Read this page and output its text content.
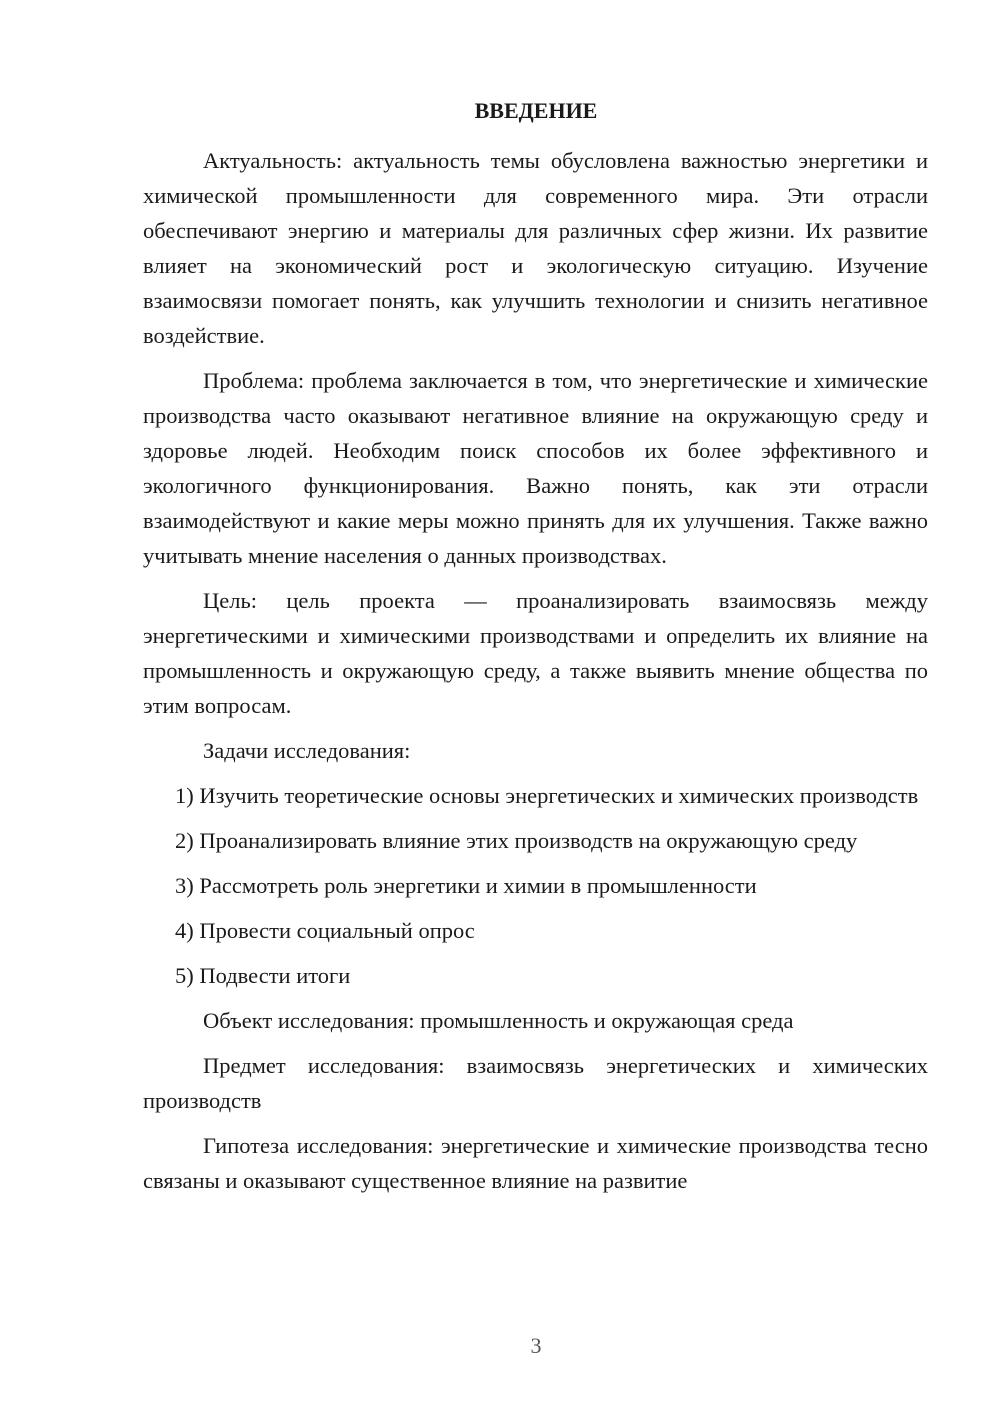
ВВЕДЕНИЕ

Актуальность: актуальность темы обусловлена важностью энергетики и химической промышленности для современного мира. Эти отрасли обеспечивают энергию и материалы для различных сфер жизни. Их развитие влияет на экономический рост и экологическую ситуацию. Изучение взаимосвязи помогает понять, как улучшить технологии и снизить негативное воздействие.

Проблема: проблема заключается в том, что энергетические и химические производства часто оказывают негативное влияние на окружающую среду и здоровье людей. Необходим поиск способов их более эффективного и экологичного функционирования. Важно понять, как эти отрасли взаимодействуют и какие меры можно принять для их улучшения. Также важно учитывать мнение населения о данных производствах.

Цель: цель проекта — проанализировать взаимосвязь между энергетическими и химическими производствами и определить их влияние на промышленность и окружающую среду, а также выявить мнение общества по этим вопросам.

Задачи исследования:

1) Изучить теоретические основы энергетических и химических производств

2) Проанализировать влияние этих производств на окружающую среду

3) Рассмотреть роль энергетики и химии в промышленности

4) Провести социальный опрос

5) Подвести итоги

Объект исследования: промышленность и окружающая среда

Предмет исследования: взаимосвязь энергетических и химических производств

Гипотеза исследования: энергетические и химические производства тесно связаны и оказывают существенное влияние на развитие

3
